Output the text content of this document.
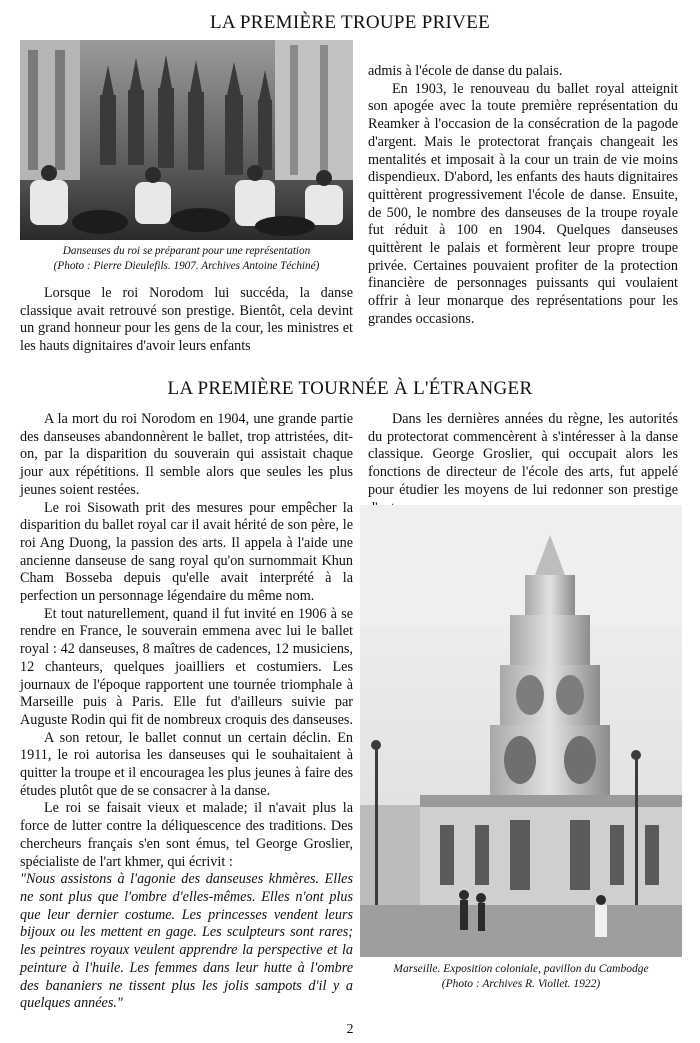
LA PREMIÈRE TROUPE PRIVEE
Danseuses du roi se préparant pour une représentation
(Photo : Pierre Dieulefils. 1907. Archives Antoine Téchiné)

Lorsque le roi Norodom lui succéda, la danse classique avait retrouvé son prestige. Bientôt, cela devint un grand honneur pour les gens de la cour, les ministres et les hauts dignitaires d'avoir leurs enfants

admis à l'école de danse du palais.

En 1903, le renouveau du ballet royal atteignit son apogée avec la toute première représentation du Reamker à l'occasion de la consécration de la pagode d'argent. Mais le protectorat français changeait les mentalités et imposait à la cour un train de vie moins dispendieux. D'abord, les enfants des hauts dignitaires quittèrent progressivement l'école de danse. Ensuite, de 500, le nombre des danseuses de la troupe royale fut réduit à 100 en 1904. Quelques danseuses quittèrent le palais et formèrent leur propre troupe privée. Certaines pouvaient profiter de la protection financière de personnages puissants qui voulaient offrir à leur monarque des représentations pour les grandes occasions.

LA PREMIÈRE TOURNÉE À L'ÉTRANGER

A la mort du roi Norodom en 1904, une grande partie des danseuses abandonnèrent le ballet, trop attristées, dit-on, par la disparition du souverain qui assistait chaque jour aux répétitions. Il semble alors que seules les plus jeunes soient restées.

Le roi Sisowath prit des mesures pour empêcher la disparition du ballet royal car il avait hérité de son père, le roi Ang Duong, la passion des arts. Il appela à l'aide une ancienne danseuse de sang royal qu'on surnommait Khun Cham Bosseba depuis qu'elle avait interprété à la perfection un personnage légendaire du même nom.

Et tout naturellement, quand il fut invité en 1906 à se rendre en France, le souverain emmena avec lui le ballet royal : 42 danseuses, 8 maîtres de cadences, 12 musiciens, 12 chanteurs, quelques joailliers et costumiers. Les journaux de l'époque rapportent une tournée triomphale à Marseille puis à Paris. Elle fut d'ailleurs suivie par Auguste Rodin qui fit de nombreux croquis des danseuses.

A son retour, le ballet connut un certain déclin. En 1911, le roi autorisa les danseuses qui le souhaitaient à quitter la troupe et il encouragea les plus jeunes à faire des études plutôt que de se consacrer à la danse.

Le roi se faisait vieux et malade; il n'avait plus la force de lutter contre la déliquescence des traditions. Des chercheurs français s'en sont émus, tel George Groslier, spécialiste de l'art khmer, qui écrivit :

"Nous assistons à l'agonie des danseuses khmères. Elles ne sont plus que l'ombre d'elles-mêmes. Elles n'ont plus que leur dernier costume. Les princesses vendent leurs bijoux ou les mettent en gage. Les sculpteurs sont rares; les peintres royaux veulent apprendre la perspective et la peinture à l'huile. Les femmes dans leur hutte à l'ombre des bananiers ne tissent plus les jolis sampots d'il y a quelques années."

Dans les dernières années du règne, les autorités du protectorat commencèrent à s'intéresser à la danse classique. George Groslier, qui occupait alors les fonctions de directeur de l'école des arts, fut appelé pour étudier les moyens de lui redonner son prestige

Marseille. Exposition coloniale, pavillon du Cambodge
(Photo : Archives R. Viollet. 1922)
2
